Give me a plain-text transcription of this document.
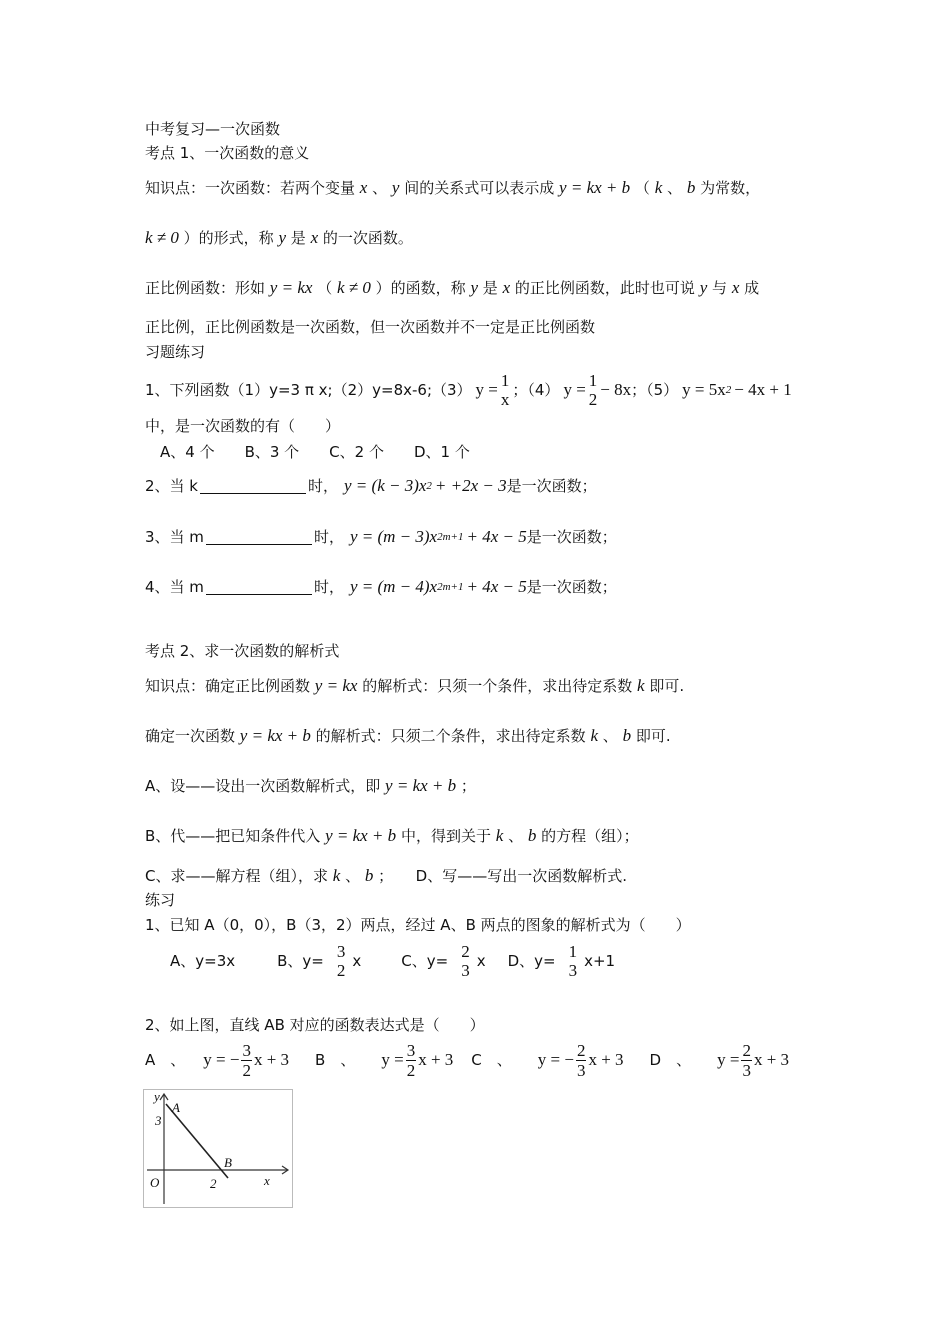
中考复习—一次函数
考点 1、一次函数的意义
知识点：一次函数：若两个变量 x 、 y 间的关系式可以表示成 y = kx + b （ k 、 b 为常数，
k ≠ 0 ）的形式，称 y 是 x 的一次函数。
正比例函数：形如 y = kx （ k ≠ 0 ）的函数，称 y 是 x 的正比例函数，此时也可说 y 与 x 成
正比例，正比例函数是一次函数，但一次函数并不一定是正比例函数
习题练习
1、下列函数（1）y=3 π x;（2）y=8x-6;（3） y = 1
x ；（4） y = 1
2
− 8x ；（5） y = 5x 2 − 4x + 1
中，是一次函数的有（　　）
　A、4 个　　B、3 个　　C、2 个　　D、1 个
2、当 k	时， y = (k − 3)x 2 + +2x − 3 是一次函数；
3、当 m	时， y = (m − 3)x 2m+1 + 4x − 5 是一次函数；
4、当 m	时， y = (m − 4)x 2m+1 + 4x − 5 是一次函数；
考点 2、求一次函数的解析式
知识点：确定正比例函数 y = kx 的解析式：只须一个条件，求出待定系数 k 即可.
确定一次函数 y = kx + b 的解析式：只须二个条件，求出待定系数 k 、 b 即可.
A、设——设出一次函数解析式，即 y = kx + b ；
B、代——把已知条件代入 y = kx + b 中，得到关于 k 、 b 的方程（组）；
C、求——解方程（组），求 k 、 b ；　　D、写——写出一次函数解析式.
练习
1、已知 A（0，0），B（3，2）两点，经过 A、B 两点的图象的解析式为（　　）
A、y=3x	B、y= 3
2 x	C、y= 2
3 x D、y= 1
3 x+1
2、如上图，直线 AB 对应的函数表达式是（　　）
A　、 y = − $\frac{3}{2}$ x + 3 B　、 $y = \frac{3}{2}$ x + 3 C　、 y = − $\frac{2}{3}$ x + 3 D　、 $y = \frac{2}{3}$ x + 3
y
3
A
B
2	x
O
